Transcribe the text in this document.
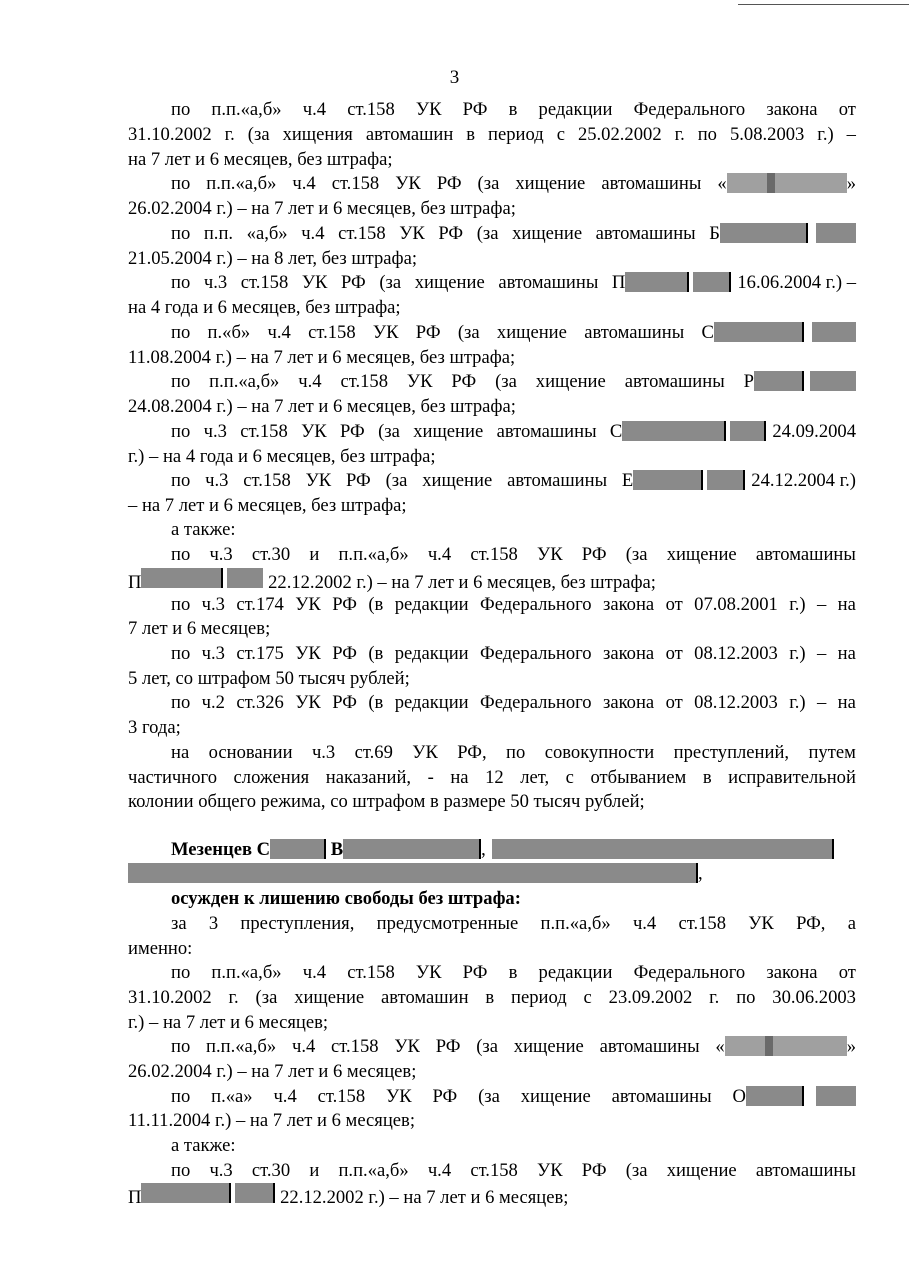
3
по п.п.«а,б» ч.4 ст.158 УК РФ в редакции Федерального закона от
31.10.2002 г. (за хищения автомашин в период с 25.02.2002 г. по 5.08.2003 г.) –
на 7 лет и 6 месяцев, без штрафа;
по п.п.«а,б» ч.4 ст.158 УК РФ (за хищение автомашины «	»
26.02.2004 г.) – на 7 лет и 6 месяцев, без штрафа;
по п.п. «а,б» ч.4 ст.158 УК РФ (за хищение автомашины Б
21.05.2004 г.) – на 8 лет, без штрафа;
по ч.3 ст.158 УК РФ (за хищение автомашины П	16.06.2004 г.) –
на 4 года и 6 месяцев, без штрафа;
по п.«б» ч.4 ст.158 УК РФ (за хищение автомашины С
11.08.2004 г.) – на 7 лет и 6 месяцев, без штрафа;
по п.п.«а,б» ч.4 ст.158 УК РФ (за хищение автомашины Р
24.08.2004 г.) – на 7 лет и 6 месяцев, без штрафа;
по ч.3 ст.158 УК РФ (за хищение автомашины С	24.09.2004
г.) – на 4 года и 6 месяцев, без штрафа;
по ч.3 ст.158 УК РФ (за хищение автомашины Е	24.12.2004 г.)
– на 7 лет и 6 месяцев, без штрафа;
а также:
по ч.3 ст.30 и п.п.«а,б» ч.4 ст.158 УК РФ (за хищение автомашины
П	22.12.2002 г.) – на 7 лет и 6 месяцев, без штрафа;
по ч.3 ст.174 УК РФ (в редакции Федерального закона от 07.08.2001 г.) – на
7 лет и 6 месяцев;
по ч.3 ст.175 УК РФ (в редакции Федерального закона от 08.12.2003 г.) – на
5 лет, со штрафом 50 тысяч рублей;
по ч.2 ст.326 УК РФ (в редакции Федерального закона от 08.12.2003 г.) – на
3 года;
на основании ч.3 ст.69 УК РФ, по совокупности преступлений, путем
частичного сложения наказаний, - на 12 лет, с отбыванием в исправительной
колонии общего режима, со штрафом в размере 50 тысяч рублей;
Мезенцев С	В	,
,
осужден к лишению свободы без штрафа:
за 3 преступления, предусмотренные п.п.«а,б» ч.4 ст.158 УК РФ, а
именно:
по п.п.«а,б» ч.4 ст.158 УК РФ в редакции Федерального закона от
31.10.2002 г. (за хищение автомашин в период с 23.09.2002 г. по 30.06.2003
г.) – на 7 лет и 6 месяцев;
по п.п.«а,б» ч.4 ст.158 УК РФ (за хищение автомашины «	»
26.02.2004 г.) – на 7 лет и 6 месяцев;
по п.«а» ч.4 ст.158 УК РФ (за хищение автомашины О
11.11.2004 г.) – на 7 лет и 6 месяцев;
а также:
по ч.3 ст.30 и п.п.«а,б» ч.4 ст.158 УК РФ (за хищение автомашины
П	22.12.2002 г.) – на 7 лет и 6 месяцев;
